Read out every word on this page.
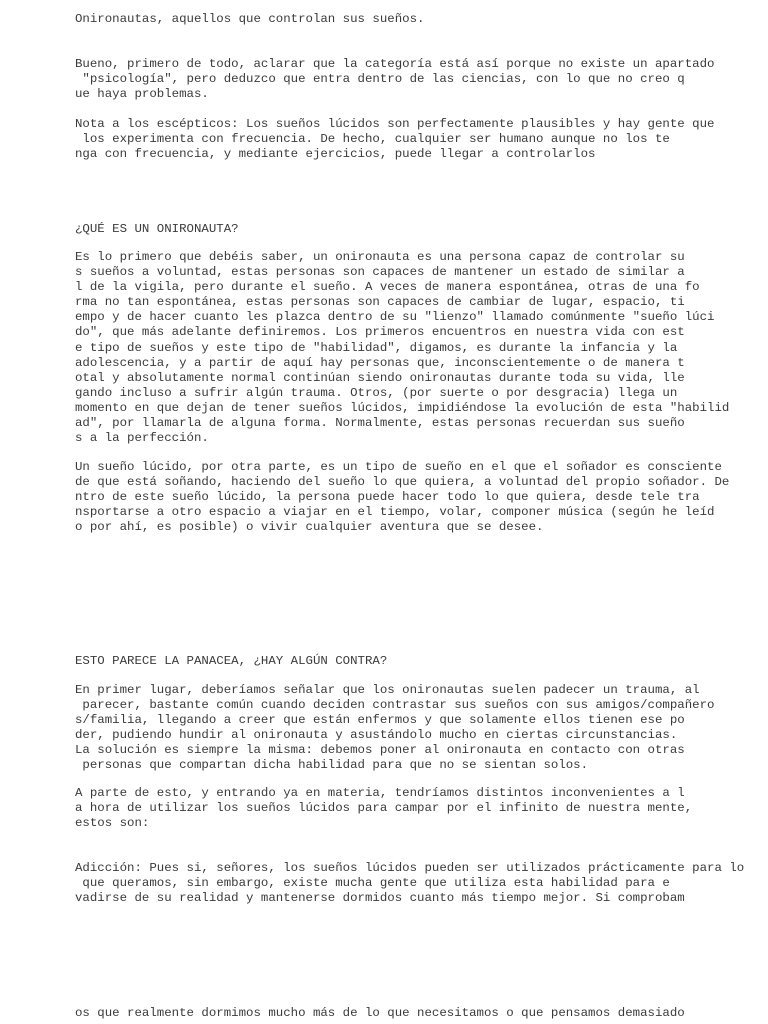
Onironautas, aquellos que controlan sus sueños.
Bueno, primero de todo, aclarar que la categoría está así porque no existe un apartado
"psicología", pero deduzco que entra dentro de las ciencias, con lo que no creo q
ue haya problemas.
Nota a los escépticos: Los sueños lúcidos son perfectamente plausibles y hay gente que
los experimenta con frecuencia. De hecho, cualquier ser humano aunque no los te
nga con frecuencia, y mediante ejercicios, puede llegar a controlarlos
¿QUÉ ES UN ONIRONAUTA?
Es lo primero que debéis saber, un onironauta es una persona capaz de controlar su
s sueños a voluntad, estas personas son capaces de mantener un estado de similar a
l de la vigila, pero durante el sueño. A veces de manera espontánea, otras de una fo
rma no tan espontánea, estas personas son capaces de cambiar de lugar, espacio, ti
empo y de hacer cuanto les plazca dentro de su "lienzo" llamado comúnmente "sueño lúci
do", que más adelante definiremos. Los primeros encuentros en nuestra vida con est
e tipo de sueños y este tipo de "habilidad", digamos, es durante la infancia y la
adolescencia, y a partir de aquí hay personas que, inconscientemente o de manera t
otal y absolutamente normal continúan siendo onironautas durante toda su vida, lle
gando incluso a sufrir algún trauma. Otros, (por suerte o por desgracia) llega un
momento en que dejan de tener sueños lúcidos, impidiéndose la evolución de esta "habilid
ad", por llamarla de alguna forma. Normalmente, estas personas recuerdan sus sueño
s a la perfección.
Un sueño lúcido, por otra parte, es un tipo de sueño en el que el soñador es consciente
de que está soñando, haciendo del sueño lo que quiera, a voluntad del propio soñador. De
ntro de este sueño lúcido, la persona puede hacer todo lo que quiera, desde tele tra
nsportarse a otro espacio a viajar en el tiempo, volar, componer música (según he leíd
o por ahí, es posible) o vivir cualquier aventura que se desee.
ESTO PARECE LA PANACEA, ¿HAY ALGÚN CONTRA?
En primer lugar, deberíamos señalar que los onironautas suelen padecer un trauma, al
parecer, bastante común cuando deciden contrastar sus sueños con sus amigos/compañero
s/familia, llegando a creer que están enfermos y que solamente ellos tienen ese po
der, pudiendo hundir al onironauta y asustándolo mucho en ciertas circunstancias.
La solución es siempre la misma: debemos poner al onironauta en contacto con otras
personas que compartan dicha habilidad para que no se sientan solos.
A parte de esto, y entrando ya en materia, tendríamos distintos inconvenientes a l
a hora de utilizar los sueños lúcidos para campar por el infinito de nuestra mente,
estos son:
Adicción: Pues si, señores, los sueños lúcidos pueden ser utilizados prácticamente para lo
que queramos, sin embargo, existe mucha gente que utiliza esta habilidad para e
vadirse de su realidad y mantenerse dormidos cuanto más tiempo mejor. Si comprobam
os que realmente dormimos mucho más de lo que necesitamos o que pensamos demasiado
